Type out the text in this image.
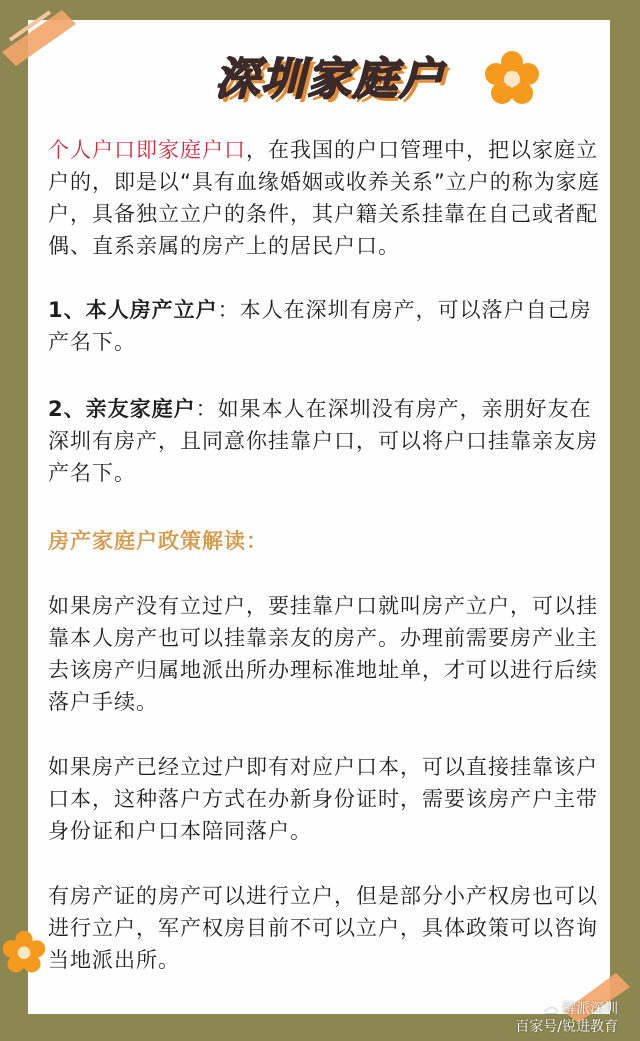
深圳家庭户
个人户口即家庭户口，在我国的户口管理中，把以家庭立户的，即是以“具有血缘婚姻或收养关系”立户的称为家庭户，具备独立立户的条件，其户籍关系挂靠在自己或者配偶、直系亲属的房产上的居民户口。
1、本人房产立户：本人在深圳有房产，可以落户自己房产名下。
2、亲友家庭户：如果本人在深圳没有房产，亲朋好友在深圳有房产，且同意你挂靠户口，可以将户口挂靠亲友房产名下。
房产家庭户政策解读：
如果房产没有立过户，要挂靠户口就叫房产立户，可以挂靠本人房产也可以挂靠亲友的房产。办理前需要房产业主去该房产归属地派出所办理标准地址单，才可以进行后续落户手续。
如果房产已经立过户即有对应户口本，可以直接挂靠该户口本，这种落户方式在办新身份证时，需要该房产户主带身份证和户口本陪同落户。
有房产证的房产可以进行立户，但是部分小产权房也可以进行立户，军产权房目前不可以立户，具体政策可以咨询当地派出所。
☁ 解派深圳
百家号/锐进教育
